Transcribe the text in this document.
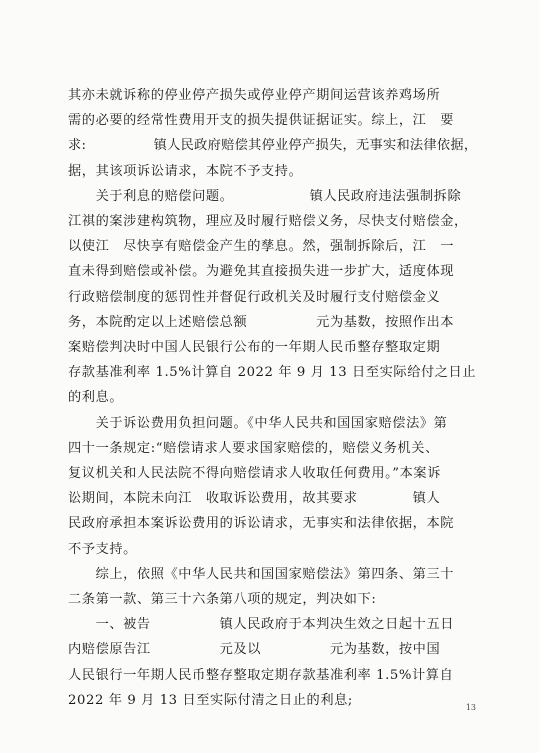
其亦未就诉称的停业停产损失或停业停产期间运营该养鸡场所
需的必要的经常性费用开支的损失提供证据证实。综上，江　要
求:　　　　　镇人民政府赔偿其停业停产损失，无事实和法律依据，
据，其该项诉讼请求，本院不予支持。
　　关于利息的赔偿问题。　　　　　　镇人民政府违法强制拆除
江祺的案涉建构筑物，理应及时履行赔偿义务，尽快支付赔偿金，
以使江　尽快享有赔偿金产生的孳息。然，强制拆除后，江　一
直未得到赔偿或补偿。为避免其直接损失进一步扩大，适度体现
行政赔偿制度的惩罚性并督促行政机关及时履行支付赔偿金义
务，本院酌定以上述赔偿总额　　　　　元为基数，按照作出本
案赔偿判决时中国人民银行公布的一年期人民币整存整取定期
存款基准利率 1.5%计算自 2022 年 9 月 13 日至实际给付之日止
的利息。
　　关于诉讼费用负担问题。《中华人民共和国国家赔偿法》第
四十一条规定:“赔偿请求人要求国家赔偿的，赔偿义务机关、
复议机关和人民法院不得向赔偿请求人收取任何费用。”本案诉
讼期间，本院未向江　收取诉讼费用，故其要求　　　　镇人
民政府承担本案诉讼费用的诉讼请求，无事实和法律依据，本院
不予支持。
　　综上，依照《中华人民共和国国家赔偿法》第四条、第三十
二条第一款、第三十六条第八项的规定，判决如下:
　　一、被告　　　　　镇人民政府于本判决生效之日起十五日
内赔偿原告江　　　　　元及以　　　　　元为基数，按中国
人民银行一年期人民币整存整取定期存款基准利率 1.5%计算自
2022 年 9 月 13 日至实际付清之日止的利息;	13
